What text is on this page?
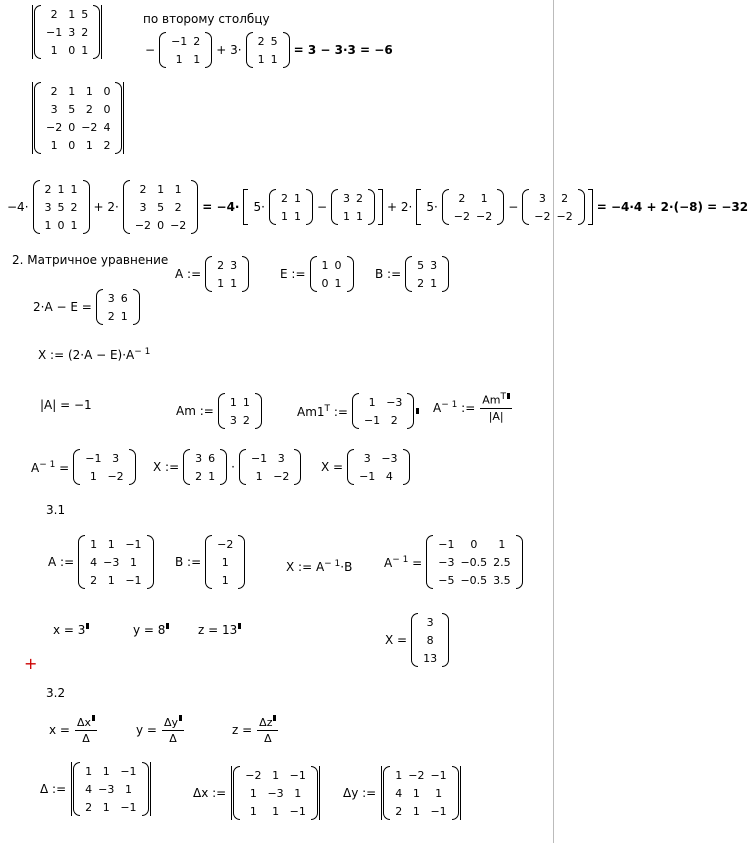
2 1 5
−1 3 2
1 0 1
по второму столбцу
−
−1 2
1 1
+ 3·
2 5
1 1
= 3 − 3·3 = −6
2 1 1 0
3 5 2 0
−2 0 −2 4
1 0 1 2
−4·
2 1 1
3 5 2
1 0 1
+ 2·
2 1 1
3 5 2
−2 0 −2
= −4· 5·
2 1
1 1
−
3 2
1 1
+ 2· 5·
2	1
−2 −2
−
3	2
−2 −2
= −4·4 + 2·(−8) = −32
2. Матричное уравнение
A :=
2 3
1 1
E :=
1 0
0 1
B :=
5 3
2 1
2·A − E =
3 6
2 1
X := $(2\cdot A - E)\cdot A^{- 1}$
|A| = −1	Am :=
1 1
3 2
$Am1^T$ :=
1 −3
−1 2
$A^{- 1}$ := $\frac{Am^T}{|A|}$
$A^{- 1}$ =
−1 3
1 −2
X :=
3 6
2 1
·
−1 3
1 −2
X =
3 −3
−1 4
3.1
A :=
1 1 −1
4 −3 1
2 1 −1
B :=
−2
1
1
X := $A^{- 1}\cdot B$	$A^{- 1}$ =
−1	0	1
−3 −0.5 2.5
−5 −0.5 3.5
x = 3	y = 8	z = 13
X =
3
8
13
+
3.2
$x = \frac{\Delta x}{\Delta}$	$y = \frac{\Delta y}{\Delta}$	$z = \frac{\Delta z}{\Delta}$
Δ :=
1 1 −1
4 −3 1
2 1 −1
Δx :=
−2 1 −1
1 −3 1
1	1 −1
Δy :=
1 −2 −1
4 1	1
2 1 −1
